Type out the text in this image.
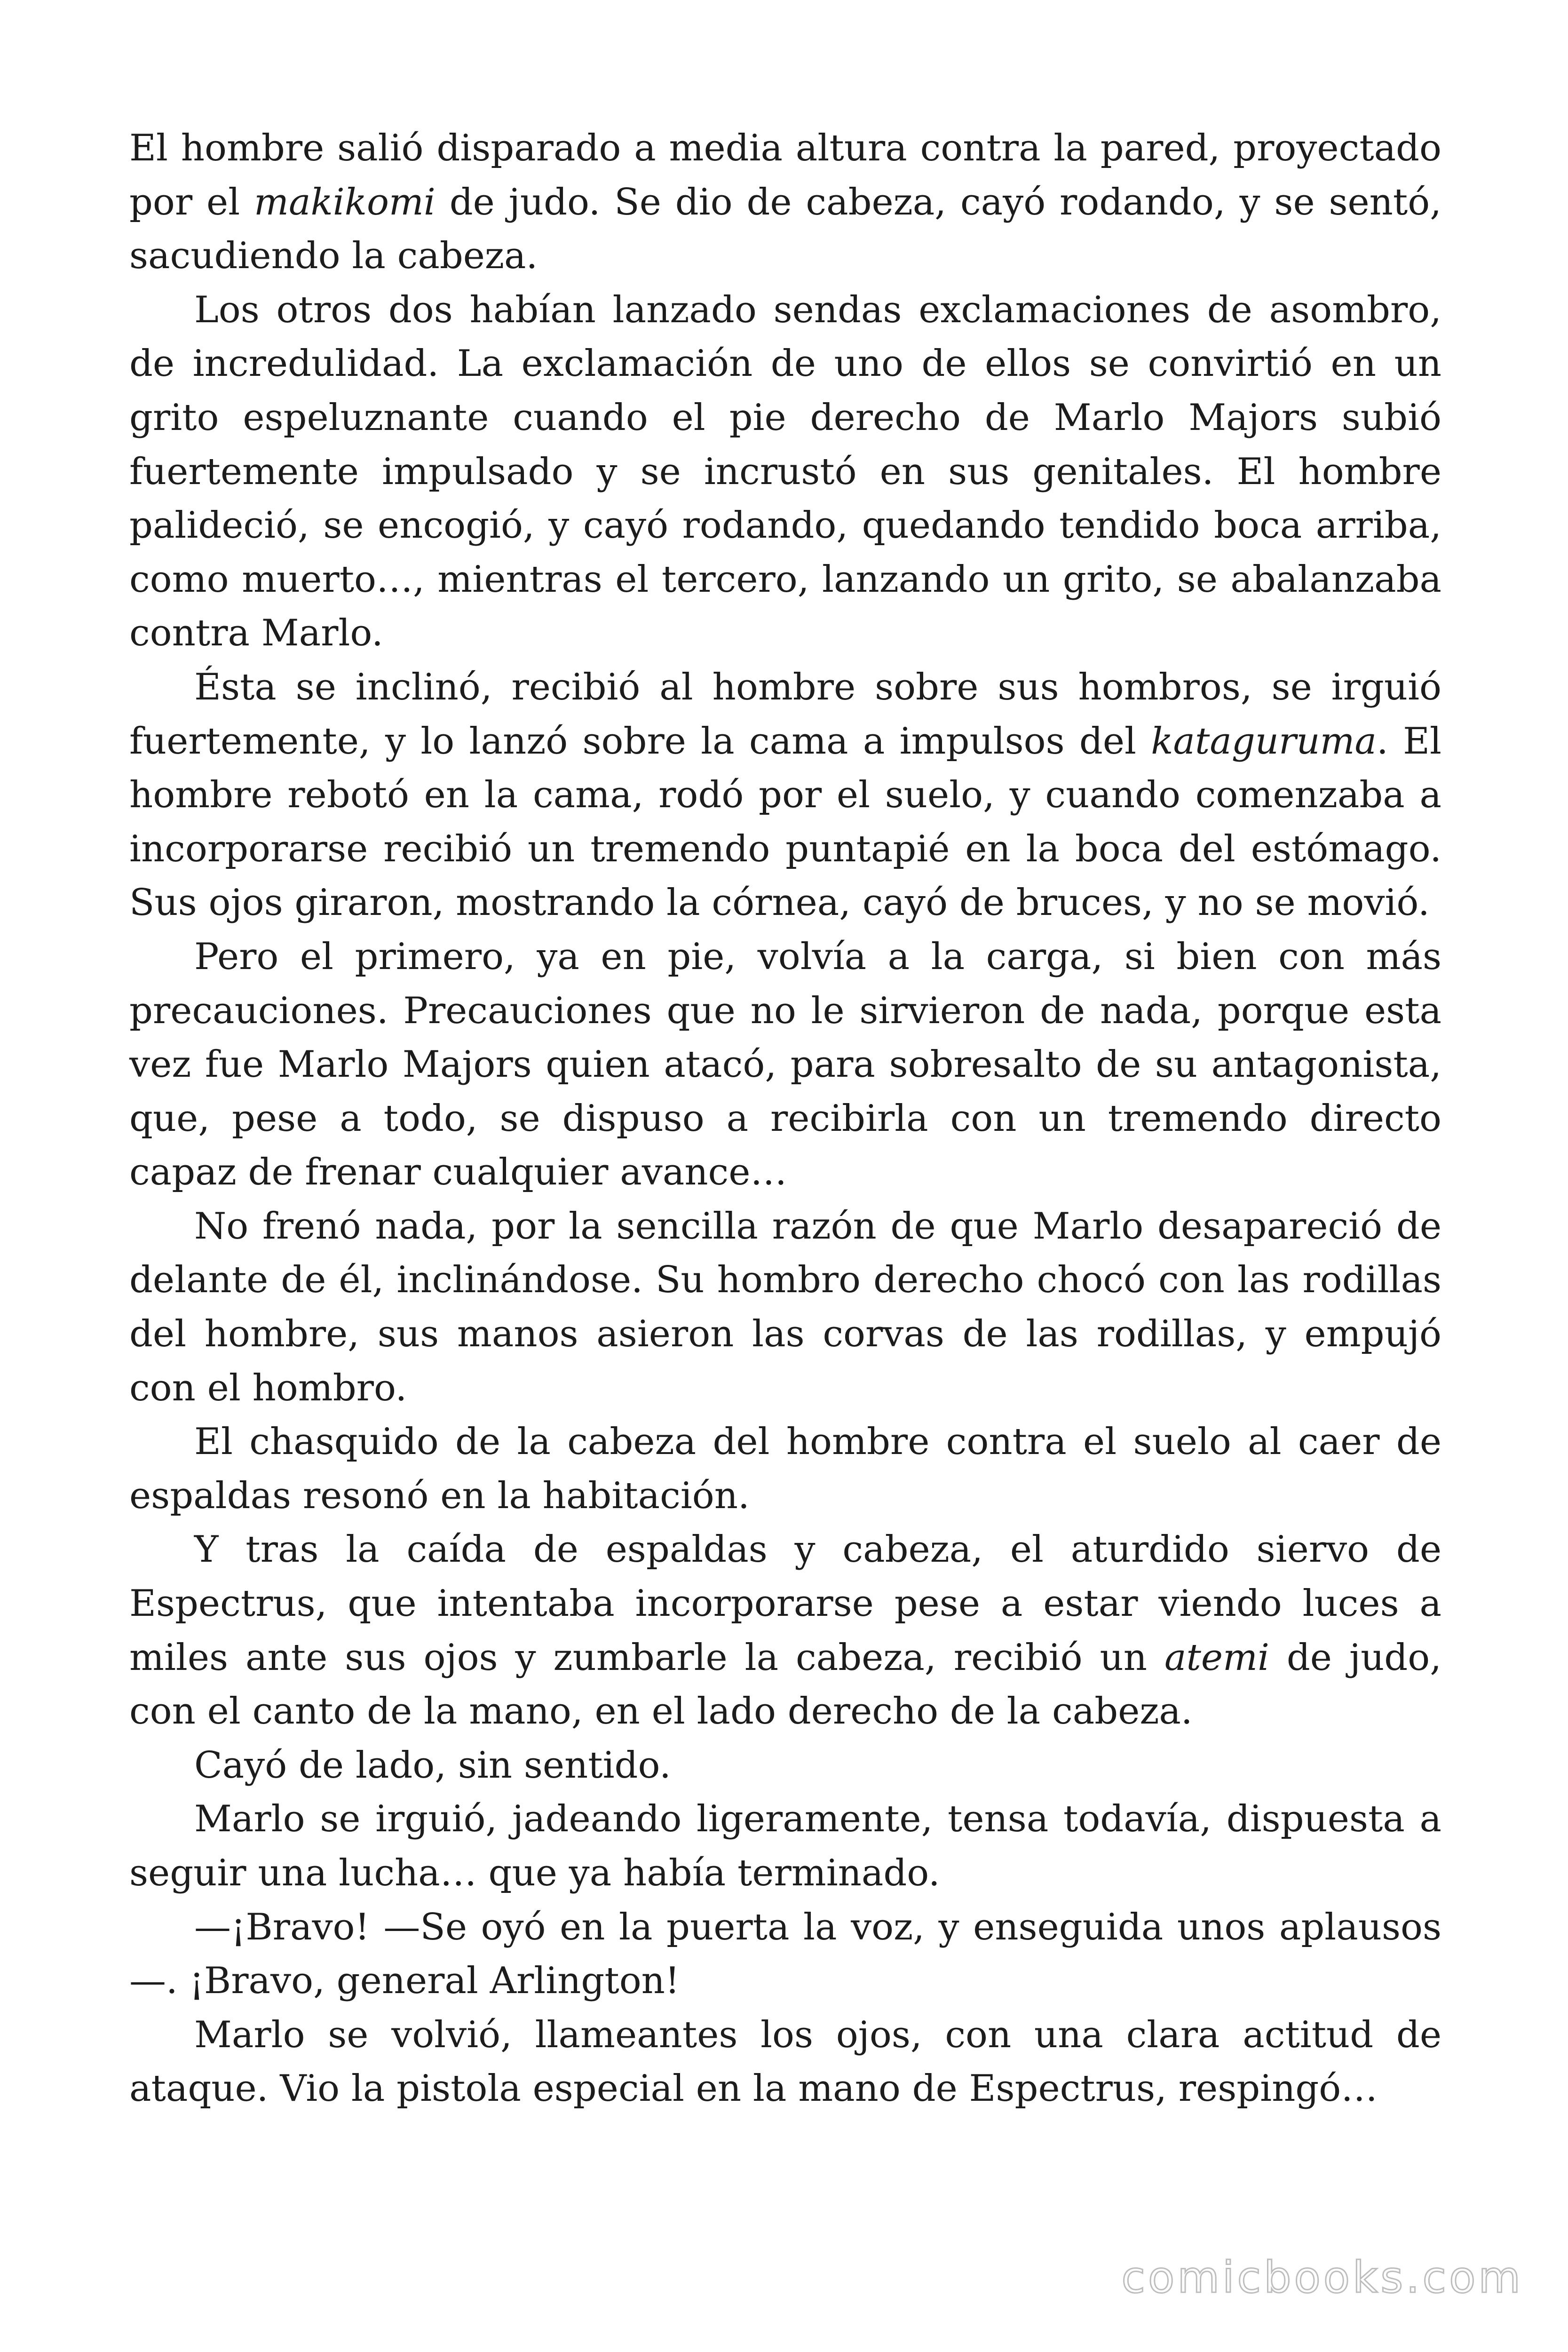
El hombre salió disparado a media altura contra la pared, proyectado por el makikomi de judo. Se dio de cabeza, cayó rodando, y se sentó, sacudiendo la cabeza.

Los otros dos habían lanzado sendas exclamaciones de asombro, de incredulidad. La exclamación de uno de ellos se convirtió en un grito espeluznante cuando el pie derecho de Marlo Majors subió fuertemente impulsado y se incrustó en sus genitales. El hombre palideció, se encogió, y cayó rodando, quedando tendido boca arriba, como muerto…, mientras el tercero, lanzando un grito, se abalanzaba contra Marlo.

Ésta se inclinó, recibió al hombre sobre sus hombros, se irguió fuertemente, y lo lanzó sobre la cama a impulsos del kataguruma. El hombre rebotó en la cama, rodó por el suelo, y cuando comenzaba a incorporarse recibió un tremendo puntapié en la boca del estómago. Sus ojos giraron, mostrando la córnea, cayó de bruces, y no se movió.

Pero el primero, ya en pie, volvía a la carga, si bien con más precauciones. Precauciones que no le sirvieron de nada, porque esta vez fue Marlo Majors quien atacó, para sobresalto de su antagonista, que, pese a todo, se dispuso a recibirla con un tremendo directo capaz de frenar cualquier avance…

No frenó nada, por la sencilla razón de que Marlo desapareció de delante de él, inclinándose. Su hombro derecho chocó con las rodillas del hombre, sus manos asieron las corvas de las rodillas, y empujó con el hombro.

El chasquido de la cabeza del hombre contra el suelo al caer de espaldas resonó en la habitación.

Y tras la caída de espaldas y cabeza, el aturdido siervo de Espectrus, que intentaba incorporarse pese a estar viendo luces a miles ante sus ojos y zumbarle la cabeza, recibió un atemi de judo, con el canto de la mano, en el lado derecho de la cabeza.

Cayó de lado, sin sentido.

Marlo se irguió, jadeando ligeramente, tensa todavía, dispuesta a seguir una lucha… que ya había terminado.

—¡Bravo! —Se oyó en la puerta la voz, y enseguida unos aplausos—. ¡Bravo, general Arlington!

Marlo se volvió, llameantes los ojos, con una clara actitud de ataque. Vio la pistola especial en la mano de Espectrus, respingó…

comicbooks.com
